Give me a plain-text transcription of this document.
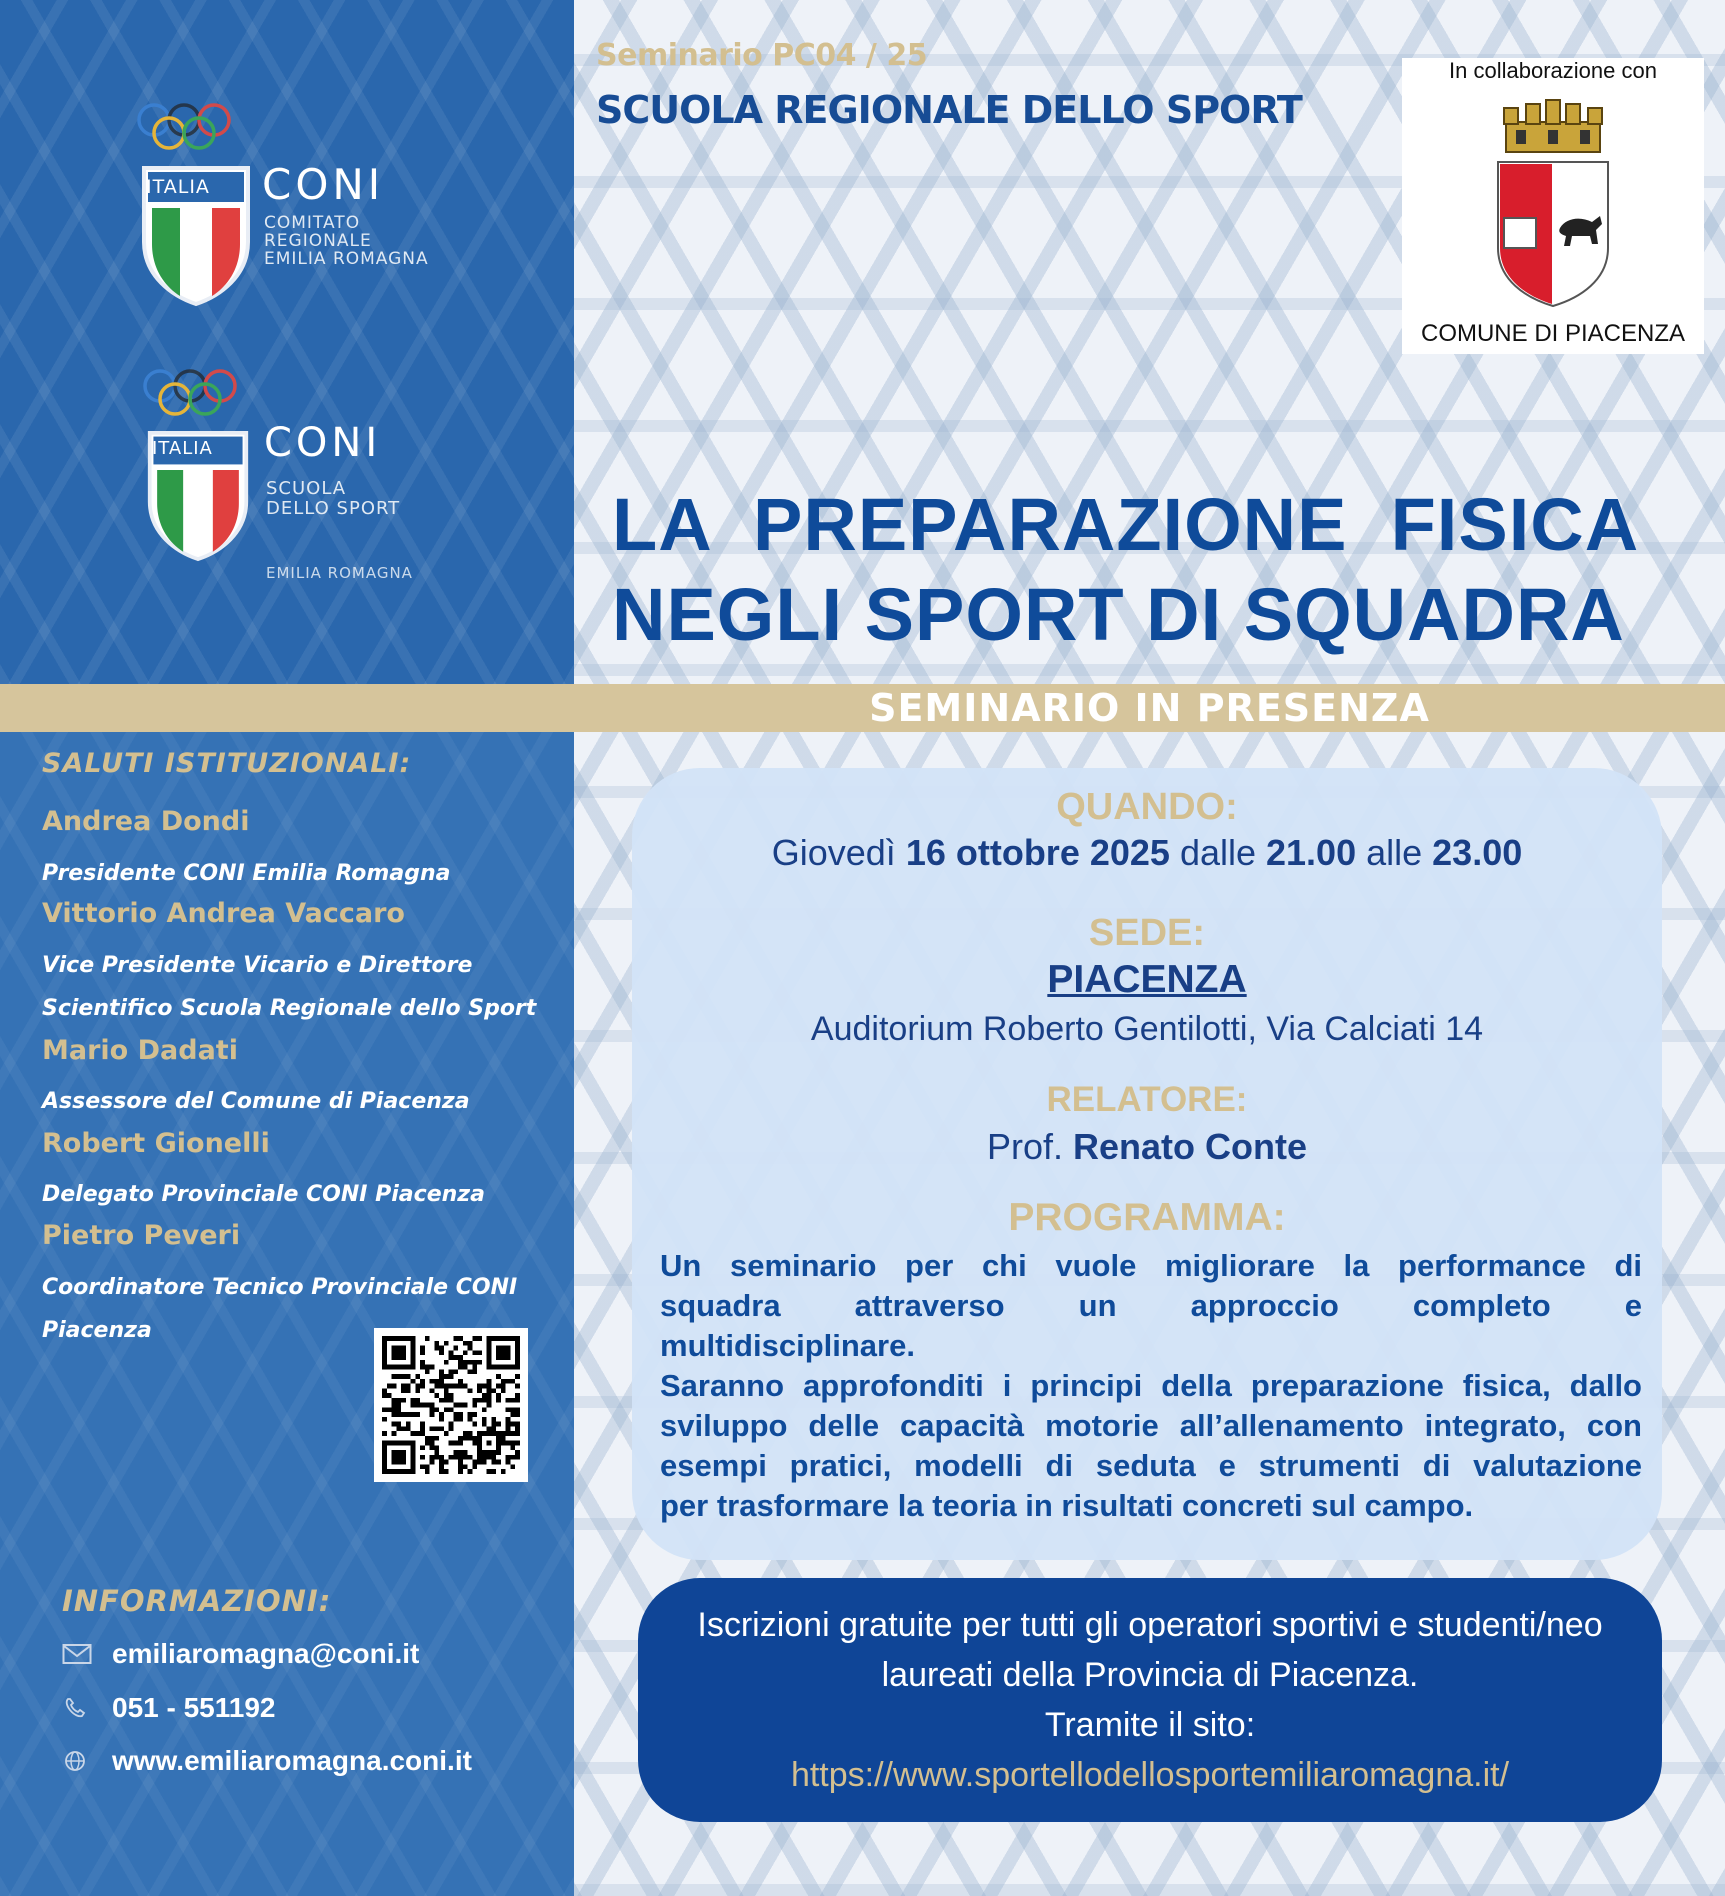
ITALIA CONI
COMITATO
REGIONALE
EMILIA ROMAGNA
ITALIA CONI
SCUOLA
DELLO SPORT
EMILIA ROMAGNA
Seminario PC04 / 25
SCUOLA REGIONALE DELLO SPORT
In collaborazione con
COMUNE DI PIACENZA
LA  PREPARAZIONE  FISICA
NEGLI SPORT DI SQUADRA
SEMINARIO IN PRESENZA
QUANDO:
Giovedì 16 ottobre 2025 dalle 21.00 alle 23.00
SEDE:
PIACENZA
Auditorium Roberto Gentilotti, Via Calciati 14
RELATORE:
Prof. Renato Conte
PROGRAMMA:

Un seminario per chi vuole migliorare la performance di

squadra attraverso un approccio completo e

multidisciplinare.

Saranno approfonditi i principi della preparazione fisica, dallo

sviluppo delle capacità motorie all’allenamento integrato, con

esempi pratici, modelli di seduta e strumenti di valutazione

per trasformare la teoria in risultati concreti sul campo.

Iscrizioni gratuite per tutti gli operatori sportivi e studenti/neo
laureati della Provincia di Piacenza.
Tramite il sito:
https://www.sportellodellosportemiliaromagna.it/
SALUTI ISTITUZIONALI:
Andrea Dondi
Presidente CONI Emilia Romagna
Vittorio Andrea Vaccaro
Vice Presidente Vicario e Direttore
Scientifico Scuola Regionale dello Sport
Mario Dadati
Assessore del Comune di Piacenza
Robert Gionelli
Delegato Provinciale CONI Piacenza
Pietro Peveri
Coordinatore Tecnico Provinciale CONI
Piacenza
INFORMAZIONI:
emiliaromagna@coni.it
051 - 551192
www.emiliaromagna.coni.it
